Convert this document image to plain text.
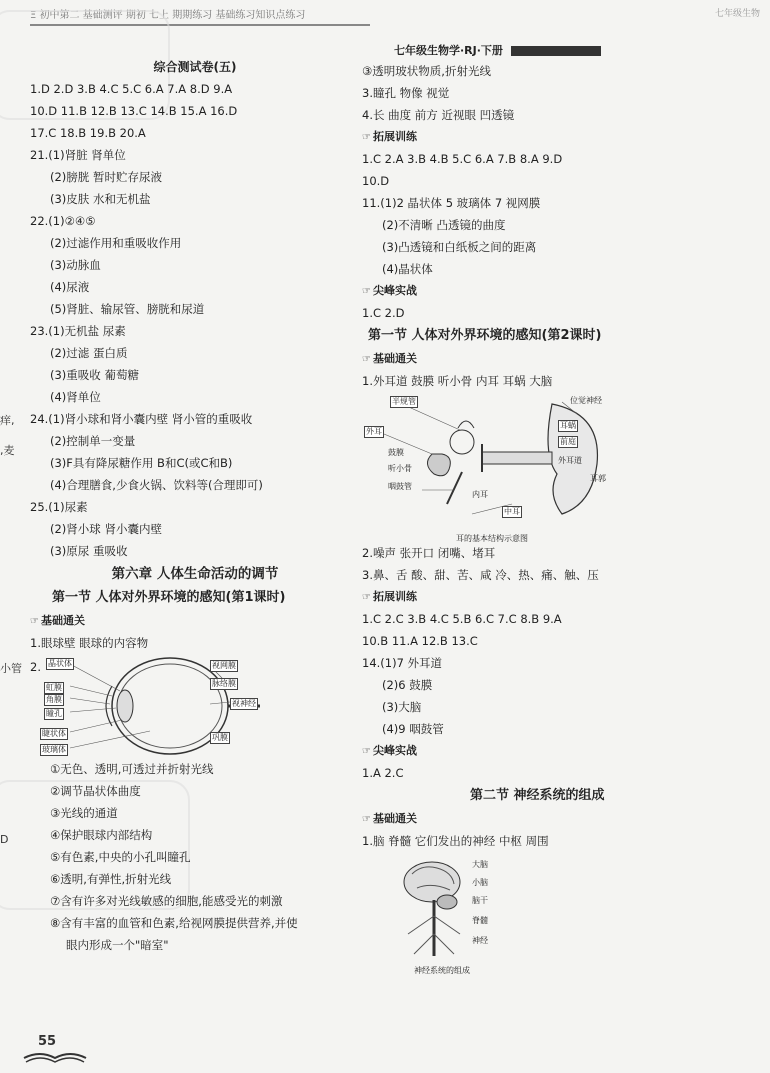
Ξ 初中第二 基础测评 期初 七上 期期练习 基础练习知识点练习	七年级生物
七年级生物学·RJ·下册
痒,
,麦
小管
D
综合测试卷(五)
1.D 2.D 3.B 4.C 5.C 6.A 7.A 8.D 9.A
10.D 11.B 12.B 13.C 14.B 15.A 16.D
17.C 18.B 19.B 20.A
21.(1)肾脏 肾单位
(2)膀胱 暂时贮存尿液
(3)皮肤 水和无机盐
22.(1)②④⑤
(2)过滤作用和重吸收作用
(3)动脉血
(4)尿液
(5)肾脏、输尿管、膀胱和尿道
23.(1)无机盐 尿素
(2)过滤 蛋白质
(3)重吸收 葡萄糖
(4)肾单位
24.(1)肾小球和肾小囊内壁 肾小管的重吸收
(2)控制单一变量
(3)F具有降尿糖作用 B和C(或C和B)
(4)合理膳食,少食火锅、饮料等(合理即可)
25.(1)尿素
(2)肾小球 肾小囊内壁
(3)原尿 重吸收
第六章 人体生命活动的调节
第一节 人体对外界环境的感知(第1课时)
☞ 基础通关
1.眼球壁 眼球的内容物
2. 晶状体
虹膜
角膜
瞳孔
睫状体
玻璃体
视网膜
脉络膜
巩膜
视神经
①无色、透明,可透过并折射光线
②调节晶状体曲度
③光线的通道
④保护眼球内部结构
⑤有色素,中央的小孔叫瞳孔
⑥透明,有弹性,折射光线
⑦含有许多对光线敏感的细胞,能感受光的刺激
⑧含有丰富的血管和色素,给视网膜提供营养,并使
眼内形成一个"暗室"
③透明玻状物质,折射光线
3.瞳孔 物像 视觉
4.长 曲度 前方 近视眼 凹透镜
☞ 拓展训练
1.C 2.A 3.B 4.B 5.C 6.A 7.B 8.A 9.D
10.D
11.(1)2 晶状体 5 玻璃体 7 视网膜
(2)不清晰 凸透镜的曲度
(3)凸透镜和白纸板之间的距离
(4)晶状体
☞ 尖峰实战
1.C 2.D
第一节 人体对外界环境的感知(第2课时)
☞ 基础通关
1.外耳道 鼓膜 听小骨 内耳 耳蜗 大脑
半规管
外耳
耳郭
鼓膜
咽鼓管
听小骨
中耳
耳蜗
前庭
位觉神经
外耳道
内耳
耳的基本结构示意图
2.噪声 张开口 闭嘴、堵耳
3.鼻、舌 酸、甜、苦、咸 冷、热、痛、触、压
☞ 拓展训练
1.C 2.C 3.B 4.C 5.B 6.C 7.C 8.B 9.A
10.B 11.A 12.B 13.C
14.(1)7 外耳道
(2)6 鼓膜
(3)大脑
(4)9 咽鼓管
☞ 尖峰实战
1.A 2.C
第二节 神经系统的组成
☞ 基础通关
1.脑 脊髓 它们发出的神经 中枢 周围
大脑
小脑
脑干
脊髓
神经
神经系统的组成
55
